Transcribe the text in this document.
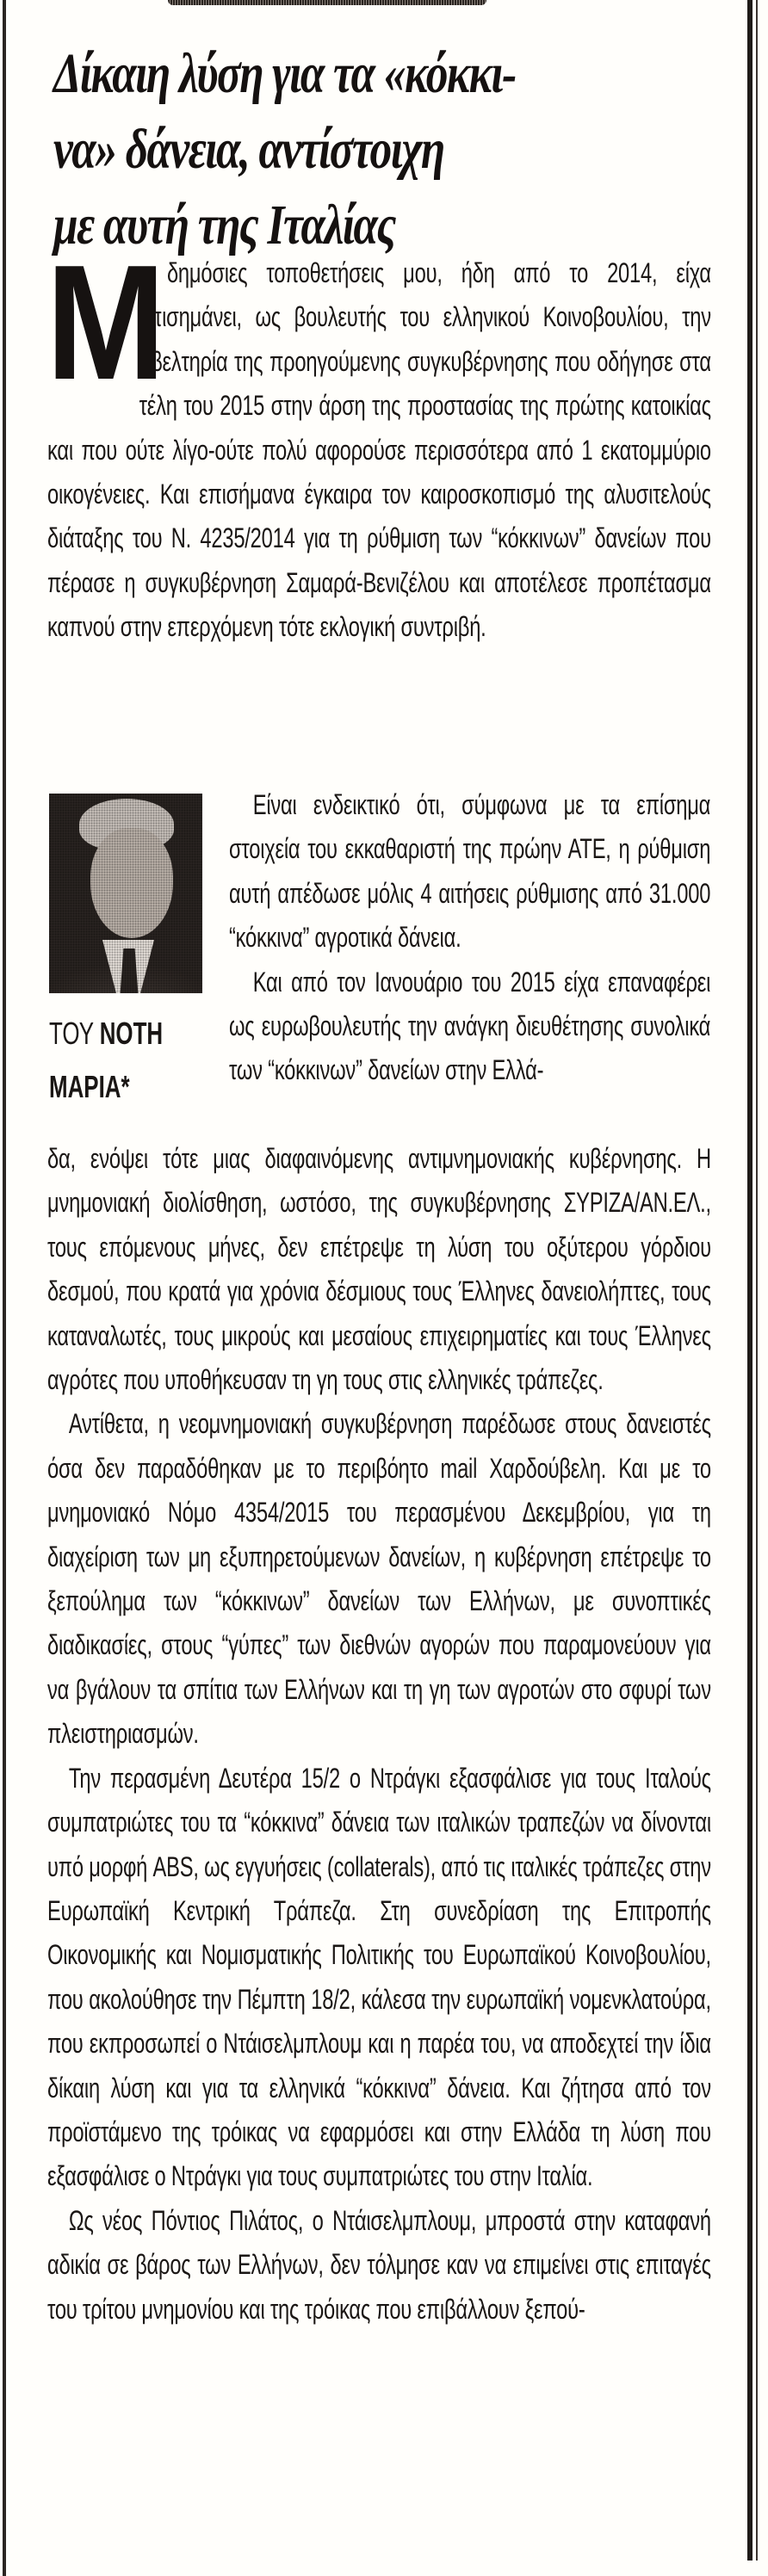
Δίκαιη λύση για τα «κόκκι-
να» δάνεια, αντίστοιχη
με αυτή της Ιταλίας

Μ
ε δημόσιες τοποθετήσεις μου, ήδη από το 2014, είχα επισημάνει, ως βουλευτής του ελληνικού Κοινοβουλίου, την αβελτηρία της προηγούμενης συγκυβέρνησης που οδήγησε στα τέλη του 2015 στην άρση της προστασίας της πρώτης κατοικίας και που ούτε λίγο-ούτε πολύ αφορούσε περισσότερα από 1 εκατομμύριο οικογένειες. Και επισήμανα έγκαιρα τον καιροσκοπισμό της αλυσιτελούς διάταξης του Ν. 4235/2014 για τη ρύθμιση των “κόκκινων” δανείων που πέρασε η συγκυβέρνηση Σαμαρά-Βενιζέλου και αποτέλεσε προπέτασμα καπνού στην επερχόμενη τότε εκλογική συντριβή.

ΤΟΥ ΝΟΤΗ
ΜΑΡΙΑ*

Είναι ενδεικτικό ότι, σύμφωνα με τα επίσημα στοιχεία του εκκαθαριστή της πρώην ΑΤΕ, η ρύθμιση αυτή απέδωσε μόλις 4 αιτήσεις ρύθμισης από 31.000 “κόκκινα” αγροτικά δάνεια.

Και από τον Ιανουάριο του 2015 είχα επαναφέρει ως ευρωβουλευτής την ανάγκη διευθέτησης συνολικά των “κόκκινων” δανείων στην Ελλά-

δα, ενόψει τότε μιας διαφαινόμενης αντιμνημονιακής κυβέρνησης. Η μνημονιακή διολίσθηση, ωστόσο, της συγκυβέρνησης ΣΥΡΙΖΑ/ΑΝ.ΕΛ., τους επόμενους μήνες, δεν επέτρεψε τη λύση του οξύτερου γόρδιου δεσμού, που κρατά για χρόνια δέσμιους τους Έλληνες δανειολήπτες, τους καταναλωτές, τους μικρούς και μεσαίους επιχειρηματίες και τους Έλληνες αγρότες που υποθήκευσαν τη γη τους στις ελληνικές τράπεζες.

Αντίθετα, η νεομνημονιακή συγκυβέρνηση παρέδωσε στους δανειστές όσα δεν παραδόθηκαν με το περιβόητο mail Χαρδούβελη. Και με το μνημονιακό Νόμο 4354/2015 του περασμένου Δεκεμβρίου, για τη διαχείριση των μη εξυπηρετούμενων δανείων, η κυβέρνηση επέτρεψε το ξεπούλημα των “κόκκινων” δανείων των Ελλήνων, με συνοπτικές διαδικασίες, στους “γύπες” των διεθνών αγορών που παραμονεύουν για να βγάλουν τα σπίτια των Ελλήνων και τη γη των αγροτών στο σφυρί των πλειστηριασμών.

Την περασμένη Δευτέρα 15/2 ο Ντράγκι εξασφάλισε για τους Ιταλούς συμπατριώτες του τα “κόκκινα” δάνεια των ιταλικών τραπεζών να δίνονται υπό μορφή ABS, ως εγγυήσεις (collaterals), από τις ιταλικές τράπεζες στην Ευρωπαϊκή Κεντρική Τράπεζα. Στη συνεδρίαση της Επιτροπής Οικονομικής και Νομισματικής Πολιτικής του Ευρωπαϊκού Κοινοβουλίου, που ακολούθησε την Πέμπτη 18/2, κάλεσα την ευρωπαϊκή νομενκλατούρα, που εκπροσωπεί ο Ντάισελμπλουμ και η παρέα του, να αποδεχτεί την ίδια δίκαιη λύση και για τα ελληνικά “κόκκινα” δάνεια. Και ζήτησα από τον προϊστάμενο της τρόικας να εφαρμόσει και στην Ελλάδα τη λύση που εξασφάλισε ο Ντράγκι για τους συμπατριώτες του στην Ιταλία.

Ως νέος Πόντιος Πιλάτος, ο Ντάισελμπλουμ, μπροστά στην καταφανή αδικία σε βάρος των Ελλήνων, δεν τόλμησε καν να επιμείνει στις επιταγές του τρίτου μνημονίου και της τρόικας που επιβάλλουν ξεπού-
